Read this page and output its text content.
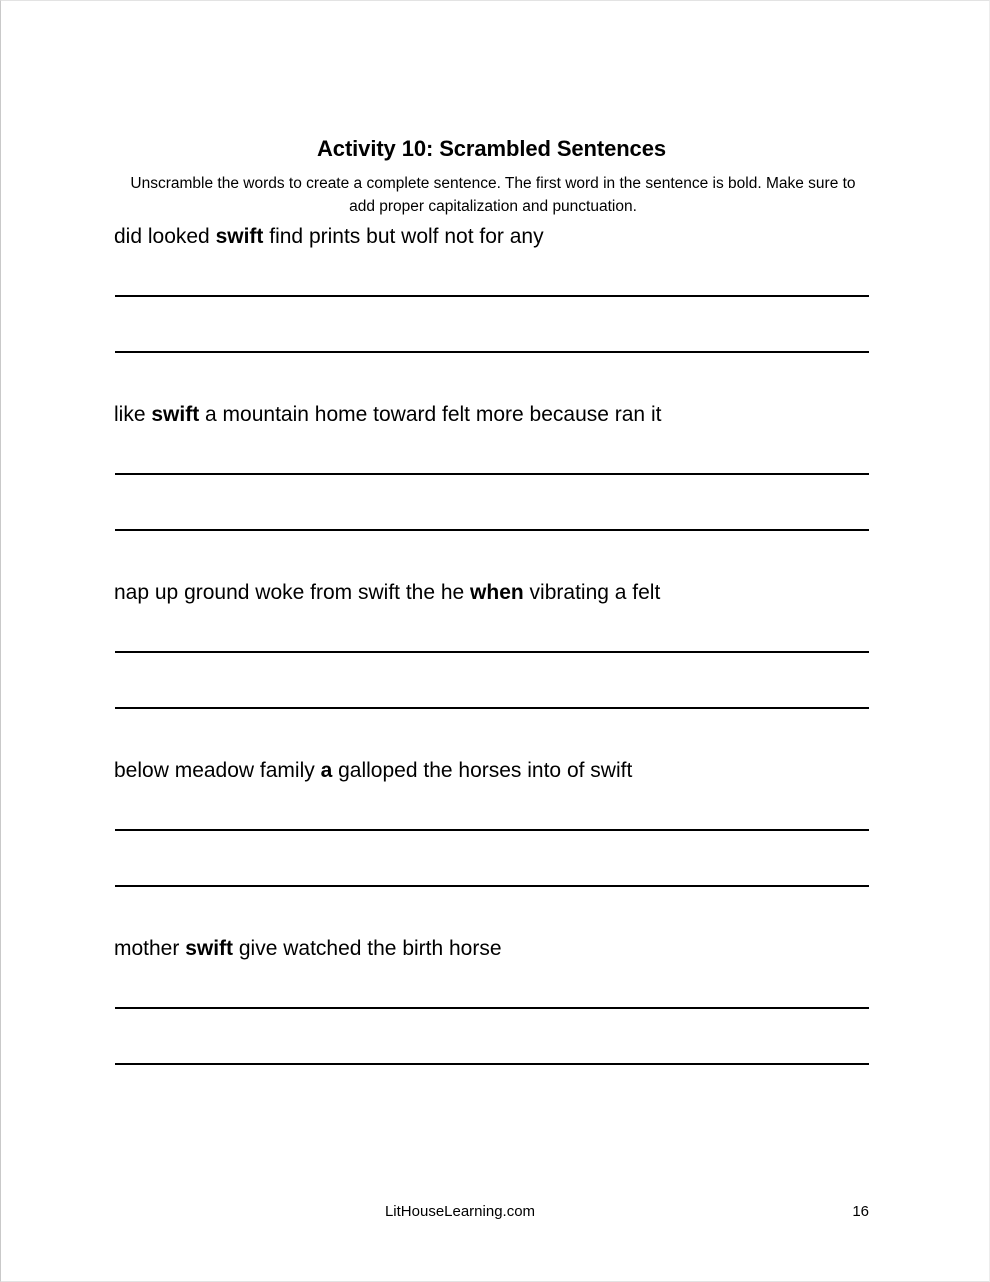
Activity 10: Scrambled Sentences

Unscramble the words to create a complete sentence. The first word in the sentence is bold. Make sure to add proper capitalization and punctuation.

did looked swift find prints but wolf not for any
like swift a mountain home toward felt more because ran it
nap up ground woke from swift the he when vibrating a felt
below meadow family a galloped the horses into of swift
mother swift give watched the birth horse
LitHouseLearning.com	16
